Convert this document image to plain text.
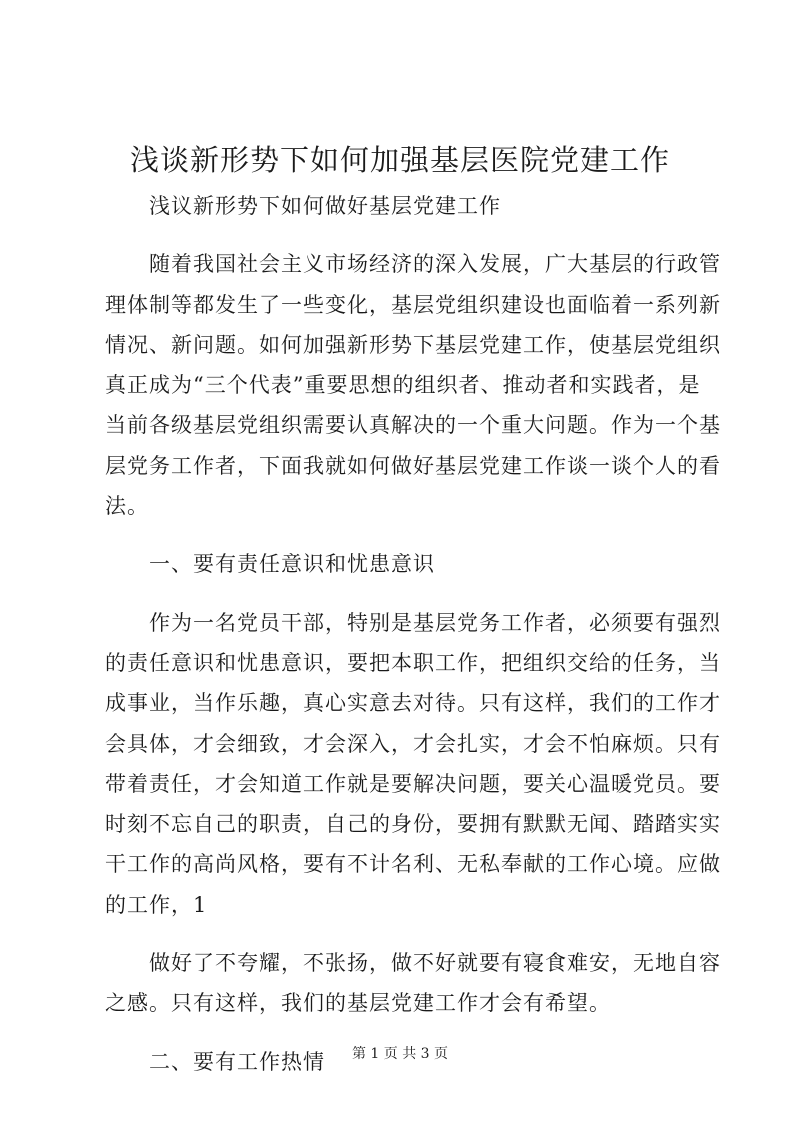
浅谈新形势下如何加强基层医院党建工作
浅议新形势下如何做好基层党建工作
随着我国社会主义市场经济的深入发展，广大基层的行政管
理体制等都发生了一些变化，基层党组织建设也面临着一系列新
情况、新问题。如何加强新形势下基层党建工作，使基层党组织
真正成为“三个代表”重要思想的组织者、推动者和实践者，是
当前各级基层党组织需要认真解决的一个重大问题。作为一个基
层党务工作者，下面我就如何做好基层党建工作谈一谈个人的看
法。
一、要有责任意识和忧患意识
作为一名党员干部，特别是基层党务工作者，必须要有强烈
的责任意识和忧患意识，要把本职工作，把组织交给的任务，当
成事业，当作乐趣，真心实意去对待。只有这样，我们的工作才
会具体，才会细致，才会深入，才会扎实，才会不怕麻烦。只有
带着责任，才会知道工作就是要解决问题，要关心温暖党员。要
时刻不忘自己的职责，自己的身份，要拥有默默无闻、踏踏实实
干工作的高尚风格，要有不计名利、无私奉献的工作心境。应做
的工作，1
做好了不夸耀，不张扬，做不好就要有寝食难安，无地自容
之感。只有这样，我们的基层党建工作才会有希望。
二、要有工作热情	第 1 页 共 3 页
